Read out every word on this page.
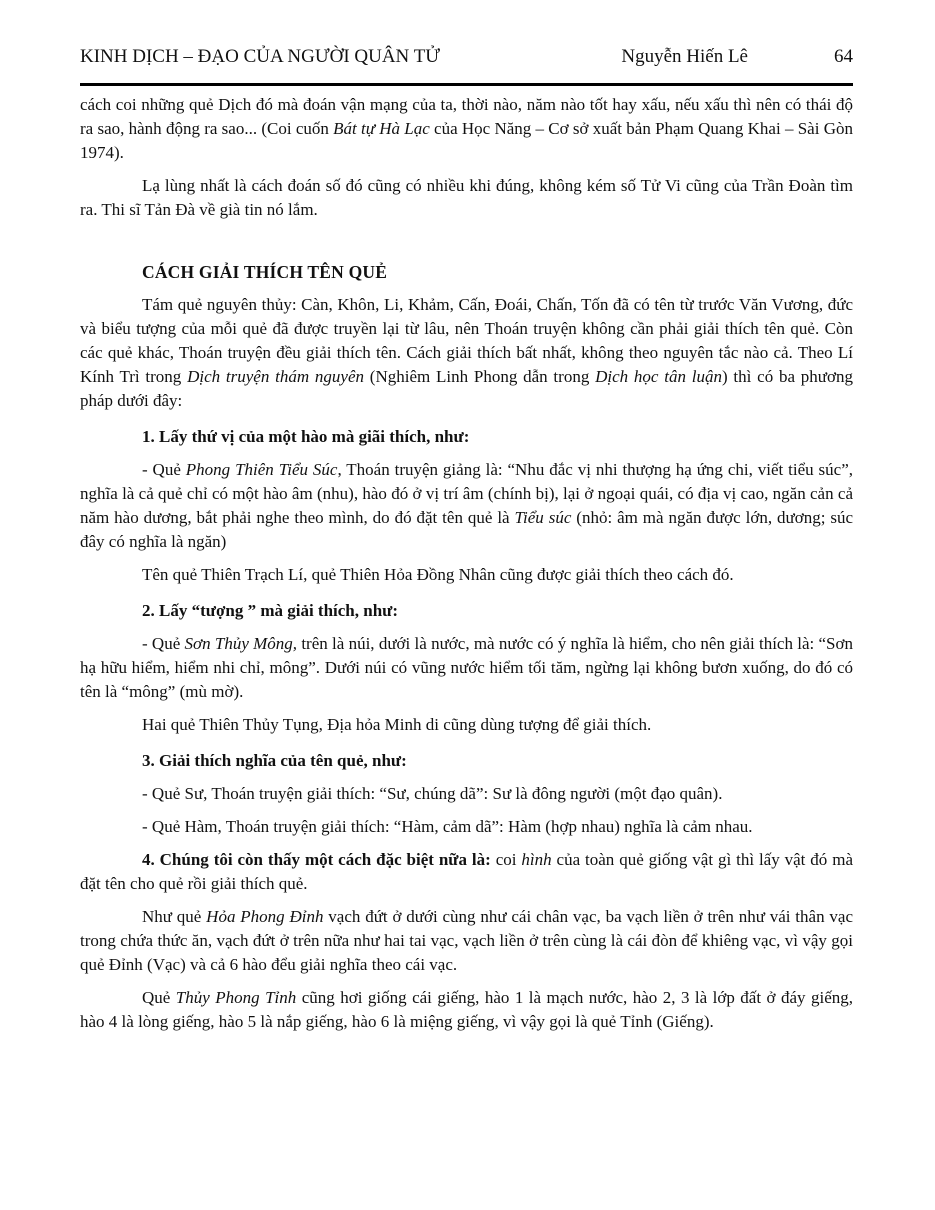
KINH DỊCH – ĐẠO CỦA NGƯỜI QUÂN TỬ	Nguyễn Hiến Lê	64

cách coi những quẻ Dịch đó mà đoán vận mạng của ta, thời nào, năm nào tốt hay xấu, nếu xấu thì nên có thái độ ra sao, hành động ra sao... (Coi cuốn Bát tự Hà Lạc của Học Năng – Cơ sở xuất bản Phạm Quang Khai – Sài Gòn 1974).

Lạ lùng nhất là cách đoán số đó cũng có nhiều khi đúng, không kém số Tử Vi cũng của Trần Đoàn tìm ra. Thi sĩ Tản Đà về già tin nó lắm.

CÁCH GIẢI THÍCH TÊN QUẺ

Tám quẻ nguyên thủy: Càn, Khôn, Li, Khảm, Cấn, Đoái, Chấn, Tốn đã có tên từ trước Văn Vương, đức và biểu tượng của mỗi quẻ đã được truyền lại từ lâu, nên Thoán truyện không cần phải giải thích tên quẻ. Còn các quẻ khác, Thoán truyện đều giải thích tên. Cách giải thích bất nhất, không theo nguyên tắc nào cả. Theo Lí Kính Trì trong Dịch truyện thám nguyên (Nghiêm Linh Phong dẫn trong Dịch học tân luận) thì có ba phương pháp dưới đây:

1. Lấy thứ vị của một hào mà giãi thích, như:

- Quẻ Phong Thiên Tiểu Súc, Thoán truyện giảng là: “Nhu đắc vị nhi thượng hạ ứng chi, viết tiểu súc”, nghĩa là cả quẻ chỉ có một hào âm (nhu), hào đó ở vị trí âm (chính bị), lại ở ngoại quái, có địa vị cao, ngăn cản cả năm hào dương, bắt phải nghe theo mình, do đó đặt tên quẻ là Tiểu súc (nhỏ: âm mà ngăn được lớn, dương; súc đây có nghĩa là ngăn)

Tên quẻ Thiên Trạch Lí, quẻ Thiên Hỏa Đồng Nhân cũng được giải thích theo cách đó.

2. Lấy “tượng ” mà giải thích, như:

- Quẻ Sơn Thủy Mông, trên là núi, dưới là nước, mà nước có ý nghĩa là hiểm, cho nên giải thích là: “Sơn hạ hữu hiểm, hiểm nhi chỉ, mông”. Dưới núi có vũng nước hiểm tối tăm, ngừng lại không bươn xuống, do đó có tên là “mông” (mù mờ).

Hai quẻ Thiên Thủy Tụng, Địa hỏa Minh di cũng dùng tượng để giải thích.

3. Giải thích nghĩa của tên quẻ, như:

- Quẻ Sư, Thoán truyện giải thích: “Sư, chúng dã”: Sư là đông người (một đạo quân).

- Quẻ Hàm, Thoán truyện giải thích: “Hàm, cảm dã”: Hàm (hợp nhau) nghĩa là cảm nhau.

4. Chúng tôi còn thấy một cách đặc biệt nữa là: coi hình của toàn quẻ giống vật gì thì lấy vật đó mà đặt tên cho quẻ rồi giải thích quẻ.

Như quẻ Hỏa Phong Đỉnh vạch đứt ở dưới cùng như cái chân vạc, ba vạch liền ở trên như vái thân vạc trong chứa thức ăn, vạch đứt ở trên nữa như hai tai vạc, vạch liền ở trên cùng là cái đòn để khiêng vạc, vì vậy gọi quẻ Đỉnh (Vạc) và cả 6 hào đểu giải nghĩa theo cái vạc.

Quẻ Thủy Phong Tỉnh cũng hơi giống cái giếng, hào 1 là mạch nước, hào 2, 3 là lớp đất ở đáy giếng, hào 4 là lòng giếng, hào 5 là nắp giếng, hào 6 là miệng giếng, vì vậy gọi là quẻ Tỉnh (Giếng).
